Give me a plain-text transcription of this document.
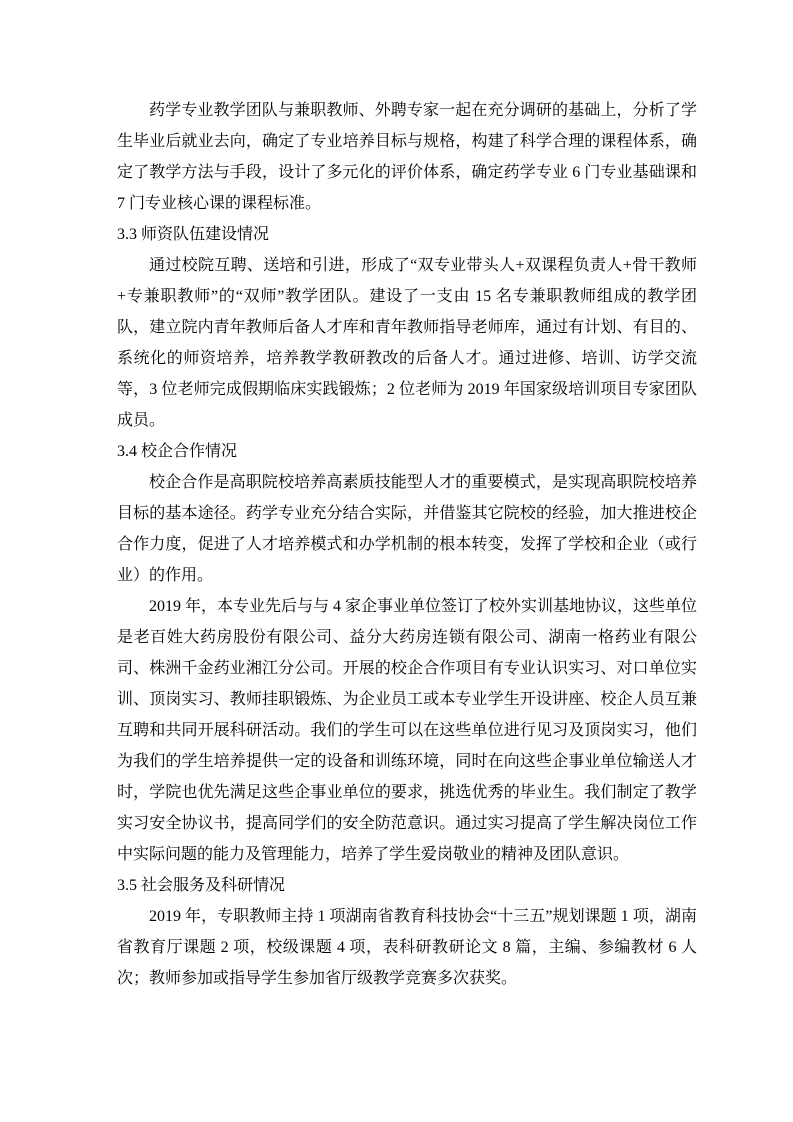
药学专业教学团队与兼职教师、外聘专家一起在充分调研的基础上，分析了学生毕业后就业去向，确定了专业培养目标与规格，构建了科学合理的课程体系，确定了教学方法与手段，设计了多元化的评价体系，确定药学专业 6 门专业基础课和 7 门专业核心课的课程标准。

3.3 师资队伍建设情况

通过校院互聘、送培和引进，形成了“双专业带头人+双课程负责人+骨干教师+专兼职教师”的“双师”教学团队。建设了一支由 15 名专兼职教师组成的教学团队，建立院内青年教师后备人才库和青年教师指导老师库，通过有计划、有目的、系统化的师资培养，培养教学教研教改的后备人才。通过进修、培训、访学交流等，3 位老师完成假期临床实践锻炼；2 位老师为 2019 年国家级培训项目专家团队成员。

3.4 校企合作情况

校企合作是高职院校培养高素质技能型人才的重要模式，是实现高职院校培养目标的基本途径。药学专业充分结合实际，并借鉴其它院校的经验，加大推进校企合作力度，促进了人才培养模式和办学机制的根本转变，发挥了学校和企业（或行业）的作用。

2019 年，本专业先后与与 4 家企事业单位签订了校外实训基地协议，这些单位是老百姓大药房股份有限公司、益分大药房连锁有限公司、湖南一格药业有限公司、株洲千金药业湘江分公司。开展的校企合作项目有专业认识实习、对口单位实训、顶岗实习、教师挂职锻炼、为企业员工或本专业学生开设讲座、校企人员互兼互聘和共同开展科研活动。我们的学生可以在这些单位进行见习及顶岗实习，他们为我们的学生培养提供一定的设备和训练环境，同时在向这些企事业单位输送人才时，学院也优先满足这些企事业单位的要求，挑选优秀的毕业生。我们制定了教学实习安全协议书，提高同学们的安全防范意识。通过实习提高了学生解决岗位工作中实际问题的能力及管理能力，培养了学生爱岗敬业的精神及团队意识。

3.5 社会服务及科研情况

2019 年，专职教师主持 1 项湖南省教育科技协会“十三五”规划课题 1 项，湖南省教育厅课题 2 项，校级课题 4 项，表科研教研论文 8 篇，主编、参编教材 6 人次；教师参加或指导学生参加省厅级教学竞赛多次获奖。
